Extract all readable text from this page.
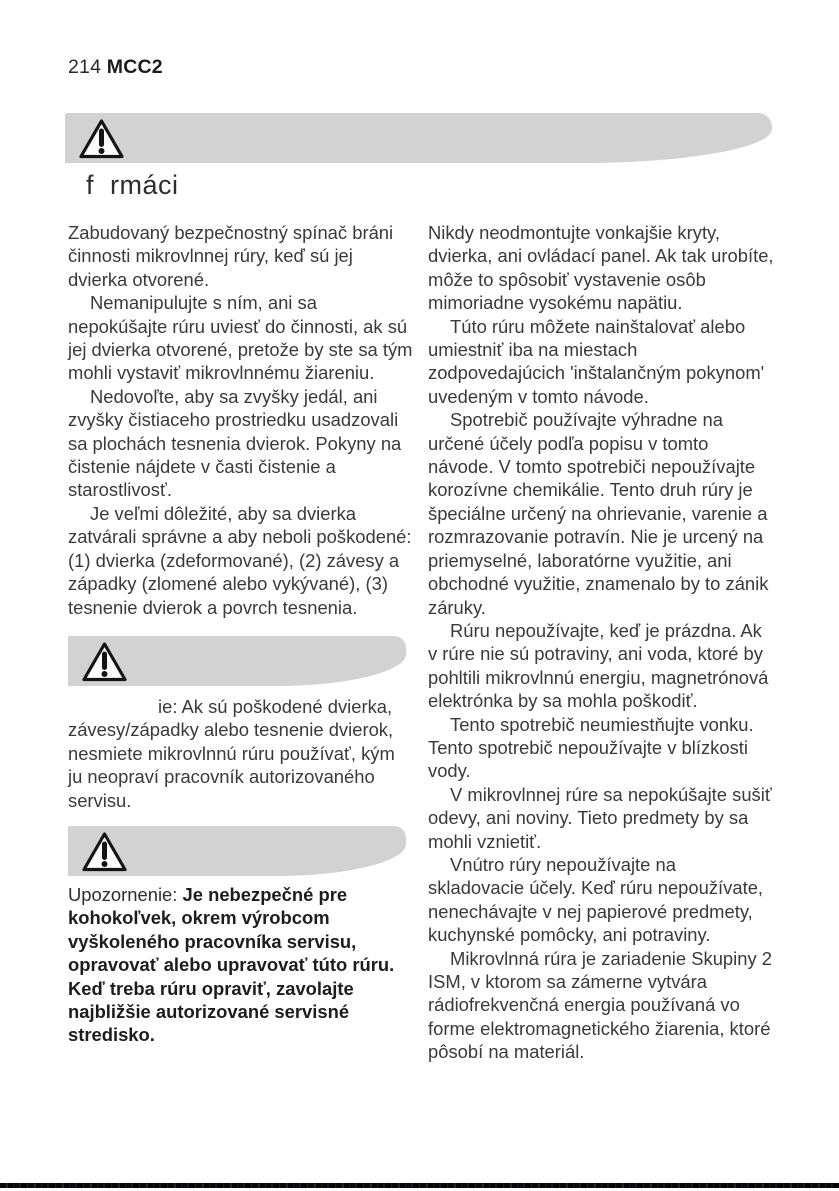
214 MCC2
f  rmáci

Zabudovaný bezpečnostný spínač bráni činnosti mikrovlnnej rúry, keď sú jej dvierka otvorené.

Nemanipulujte s ním, ani sa nepokúšajte rúru uviesť do činnosti, ak sú jej dvierka otvorené, pretože by ste sa tým mohli vystaviť mikrovlnnému žiareniu.

Nedovoľte, aby sa zvyšky jedál, ani zvyšky čistiaceho prostriedku usadzovali sa plochách tesnenia dvierok. Pokyny na čistenie nájdete v časti čistenie a starostlivosť.

Je veľmi dôležité, aby sa dvierka zatvárali správne a aby neboli poškodené: (1) dvierka (zdeformované), (2) závesy a západky (zlomené alebo vykývané), (3) tesnenie dvierok a povrch tesnenia.

ie: Ak sú poškodené dvierka, závesy/západky alebo tesnenie dvierok, nesmiete mikrovlnnú rúru používať, kým ju neopraví pracovník autorizovaného servisu.

Upozornenie: Je nebezpečné pre kohokoľvek, okrem výrobcom vyškoleného pracovníka servisu, opravovať alebo upravovať túto rúru. Keď treba rúru opraviť, zavolajte najbližšie autorizované servisné stredisko.

Nikdy neodmontujte vonkajšie kryty, dvierka, ani ovládací panel. Ak tak urobíte, môže to spôsobiť vystavenie osôb mimoriadne vysokému napätiu.

Túto rúru môžete nainštalovať alebo umiestniť iba na miestach zodpovedajúcich 'inštalančným pokynom' uvedeným v tomto návode.

Spotrebič používajte výhradne na určené účely podľa popisu v tomto návode. V tomto spotrebiči nepoužívajte korozívne chemikálie. Tento druh rúry je špeciálne určený na ohrievanie, varenie a rozmrazovanie potravín. Nie je urcený na priemyselné, laboratórne využitie, ani obchodné využitie, znamenalo by to zánik záruky.

Rúru nepoužívajte, keď je prázdna. Ak v rúre nie sú potraviny, ani voda, ktoré by pohltili mikrovlnnú energiu, magnetrónová elektrónka by sa mohla poškodiť.

Tento spotrebič neumiestňujte vonku. Tento spotrebič nepoužívajte v blízkosti vody.

V mikrovlnnej rúre sa nepokúšajte sušiť odevy, ani noviny. Tieto predmety by sa mohli vznietiť.

Vnútro rúry nepoužívajte na skladovacie účely. Keď rúru nepoužívate, nenechávajte v nej papierové predmety, kuchynské pomôcky, ani potraviny.

Mikrovlnná rúra je zariadenie Skupiny 2 ISM, v ktorom sa zámerne vytvára rádiofrekvenčná energia používaná vo forme elektromagnetického žiarenia, ktoré pôsobí na materiál.
